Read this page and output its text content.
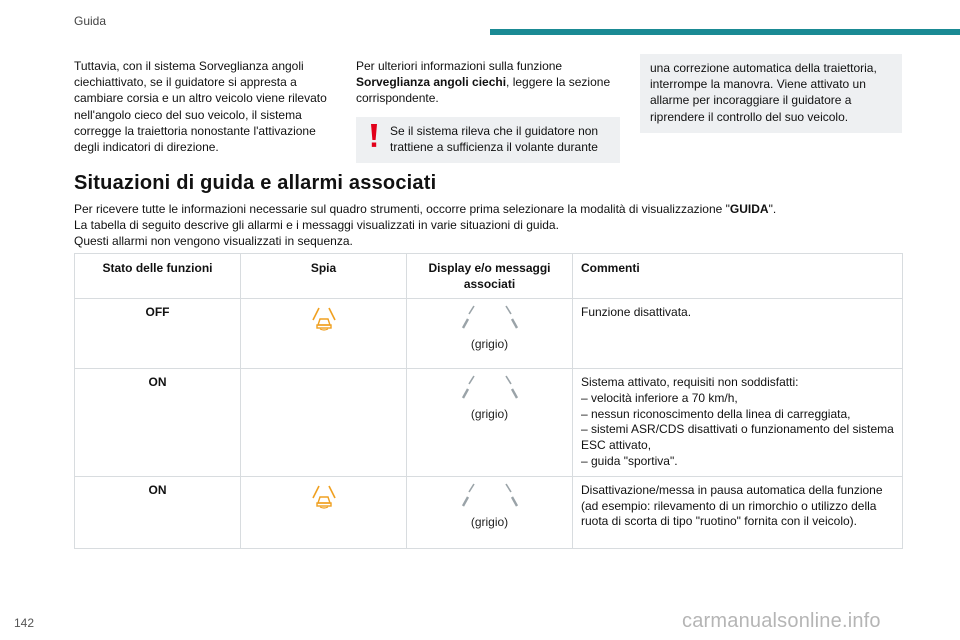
Guida
Tuttavia, con il sistema Sorveglianza angoli ciechiattivato, se il guidatore si appresta a cambiare corsia e un altro veicolo viene rilevato nell'angolo cieco del suo veicolo, il sistema corregge la traiettoria nonostante l'attivazione degli indicatori di direzione.
Per ulteriori informazioni sulla funzione Sorveglianza angoli ciechi, leggere la sezione corrispondente.
Se il sistema rileva che il guidatore non trattiene a sufficienza il volante durante
una correzione automatica della traiettoria, interrompe la manovra. Viene attivato un allarme per incoraggiare il guidatore a riprendere il controllo del suo veicolo.
Situazioni di guida e allarmi associati

Per ricevere tutte le informazioni necessarie sul quadro strumenti, occorre prima selezionare la modalità di visualizzazione "GUIDA".

La tabella di seguito descrive gli allarmi e i messaggi visualizzati in varie situazioni di guida.

Questi allarmi non vengono visualizzati in sequenza.

Stato delle funzioni	Spia	Display e/o messaggi associati	Commenti
OFF		(grigio)	Funzione disattivata.

ON		(grigio)	Sistema attivato, requisiti non soddisfatti:
– velocità inferiore a 70 km/h,
– nessun riconoscimento della linea di carreggiata,
– sistemi ASR/CDS disattivati o funzionamento del sistema ESC attivato,
– guida "sportiva".

ON		(grigio)	Disattivazione/messa in pausa automatica della funzione (ad esempio: rilevamento di un rimorchio o utilizzo della ruota di scorta di tipo "ruotino" fornita con il veicolo).
142	carmanualsonline.info
